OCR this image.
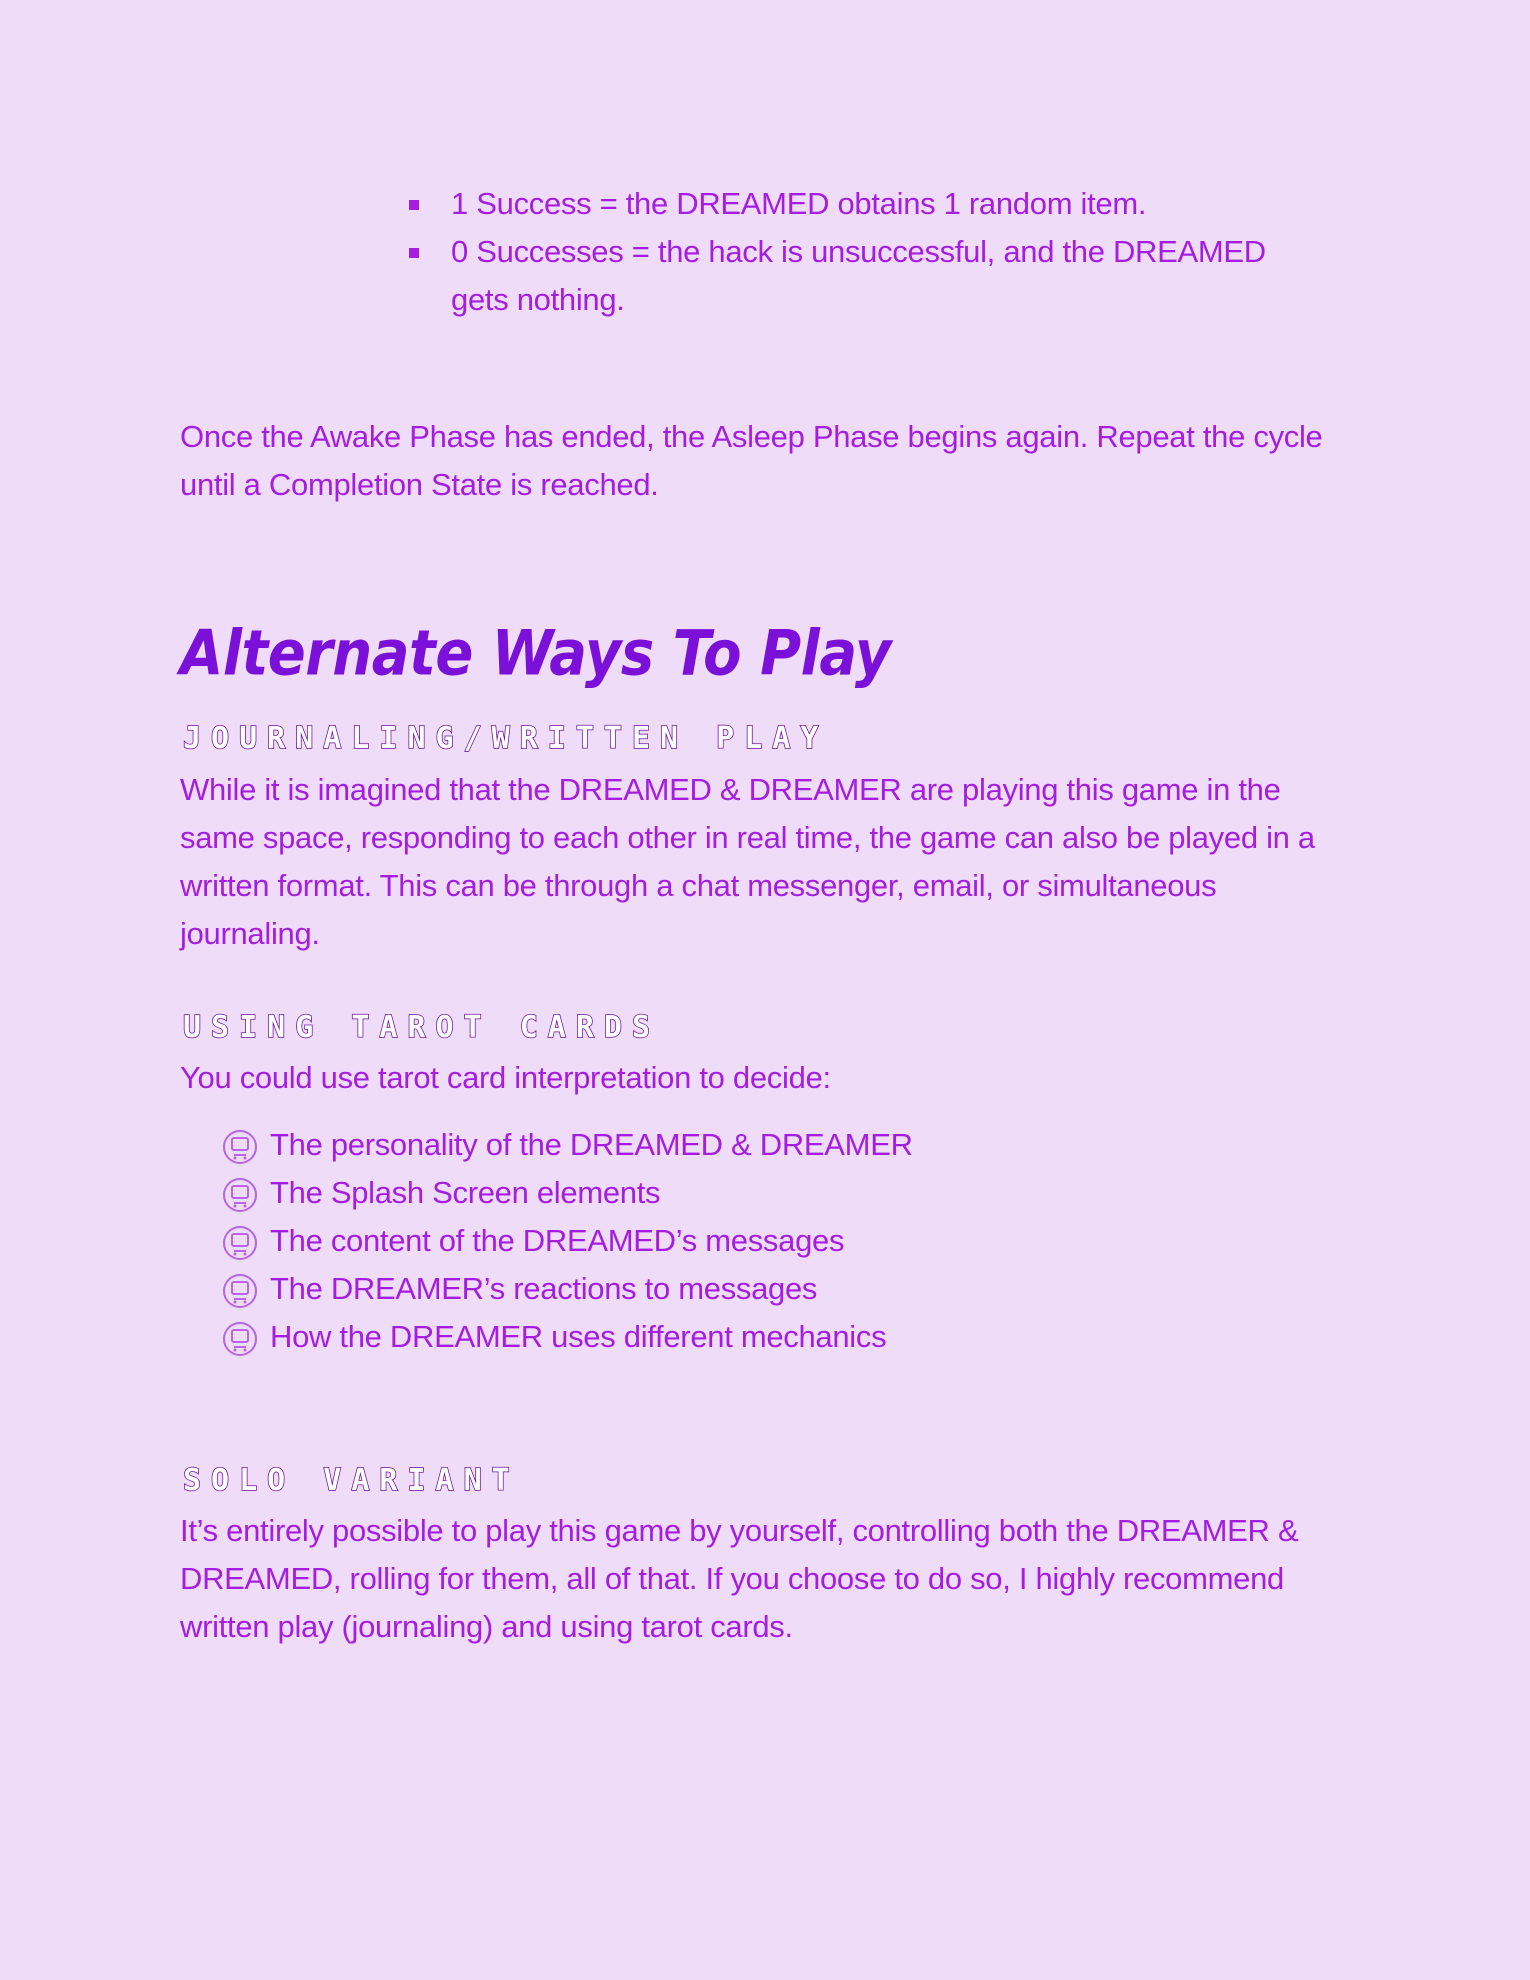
1 Success = the DREAMED obtains 1 random item.
0 Successes = the hack is unsuccessful, and the DREAMED gets nothing.

Once the Awake Phase has ended, the Asleep Phase begins again. Repeat the cycle until a Completion State is reached.

Alternate Ways To Play
JOURNALING/WRITTEN PLAY

While it is imagined that the DREAMED & DREAMER are playing this game in the same space, responding to each other in real time, the game can also be played in a written format. This can be through a chat messenger, email, or simultaneous journaling.

USING TAROT CARDS

You could use tarot card interpretation to decide:

The personality of the DREAMED & DREAMER
The Splash Screen elements
The content of the DREAMED’s messages
The DREAMER’s reactions to messages
How the DREAMER uses different mechanics
SOLO VARIANT

It’s entirely possible to play this game by yourself, controlling both the DREAMER & DREAMED, rolling for them, all of that. If you choose to do so, I highly recommend written play (journaling) and using tarot cards.
